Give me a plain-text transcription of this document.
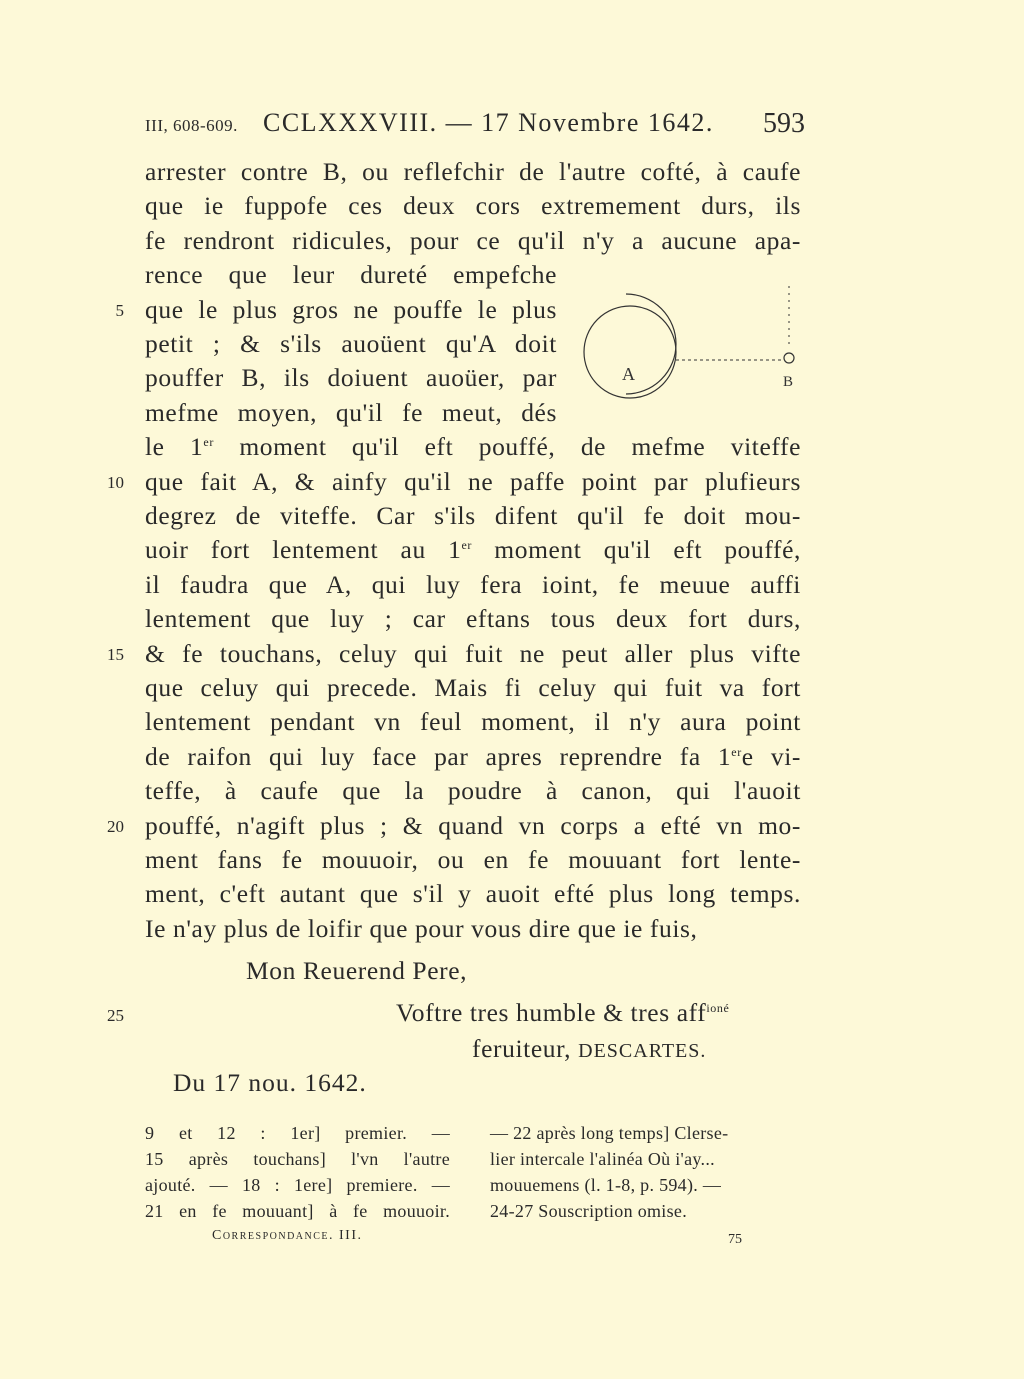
III, 608-609. CCLXXXVIII. — 17 Novembre 1642. 593
arrester contre B, ou reflefchir de l'autre cofté, à caufe
que ie fuppofe ces deux cors extremement durs, ils
fe rendront ridicules, pour ce qu'il n'y a aucune apa-
rence que leur dureté empefche
que le plus gros ne pouffe le plus
5
petit ; & s'ils auoüent qu'A doit
pouffer B, ils doiuent auoüer, par
mefme moyen, qu'il fe meut, dés
le 1er moment qu'il eft pouffé, de mefme viteffe
que fait A, & ainfy qu'il ne paffe point par plufieurs
10
degrez de viteffe. Car s'ils difent qu'il fe doit mou-
uoir fort lentement au 1er moment qu'il eft pouffé,
il faudra que A, qui luy fera ioint, fe meuue auffi
lentement que luy ; car eftans tous deux fort durs,
& fe touchans, celuy qui fuit ne peut aller plus vifte
15
que celuy qui precede. Mais fi celuy qui fuit va fort
lentement pendant vn feul moment, il n'y aura point
de raifon qui luy face par apres reprendre fa 1ere vi-
teffe, à caufe que la poudre à canon, qui l'auoit
pouffé, n'agift plus ; & quand vn corps a efté vn mo-
20
ment fans fe mouuoir, ou en fe mouuant fort lente-
ment, c'eft autant que s'il y auoit efté plus long temps.
Ie n'ay plus de loifir que pour vous dire que ie fuis,
A	B
Mon Reuerend Pere,
25	Voftre tres humble & tres aff$^{ioné}$
feruiteur, DESCARTES.
Du 17 nou. 1642.
9 et 12 : 1er] premier. —
15 après touchans] l'vn l'autre
ajouté. — 18 : 1ere] premiere. —
21 en fe mouuant] à fe mouuoir.
— 22 après long temps] Clerse-
lier intercale l'alinéa Où i'ay...
mouuemens (l. 1-8, p. 594). —
24-27 Souscription omise.
Correspondance. III.	75
